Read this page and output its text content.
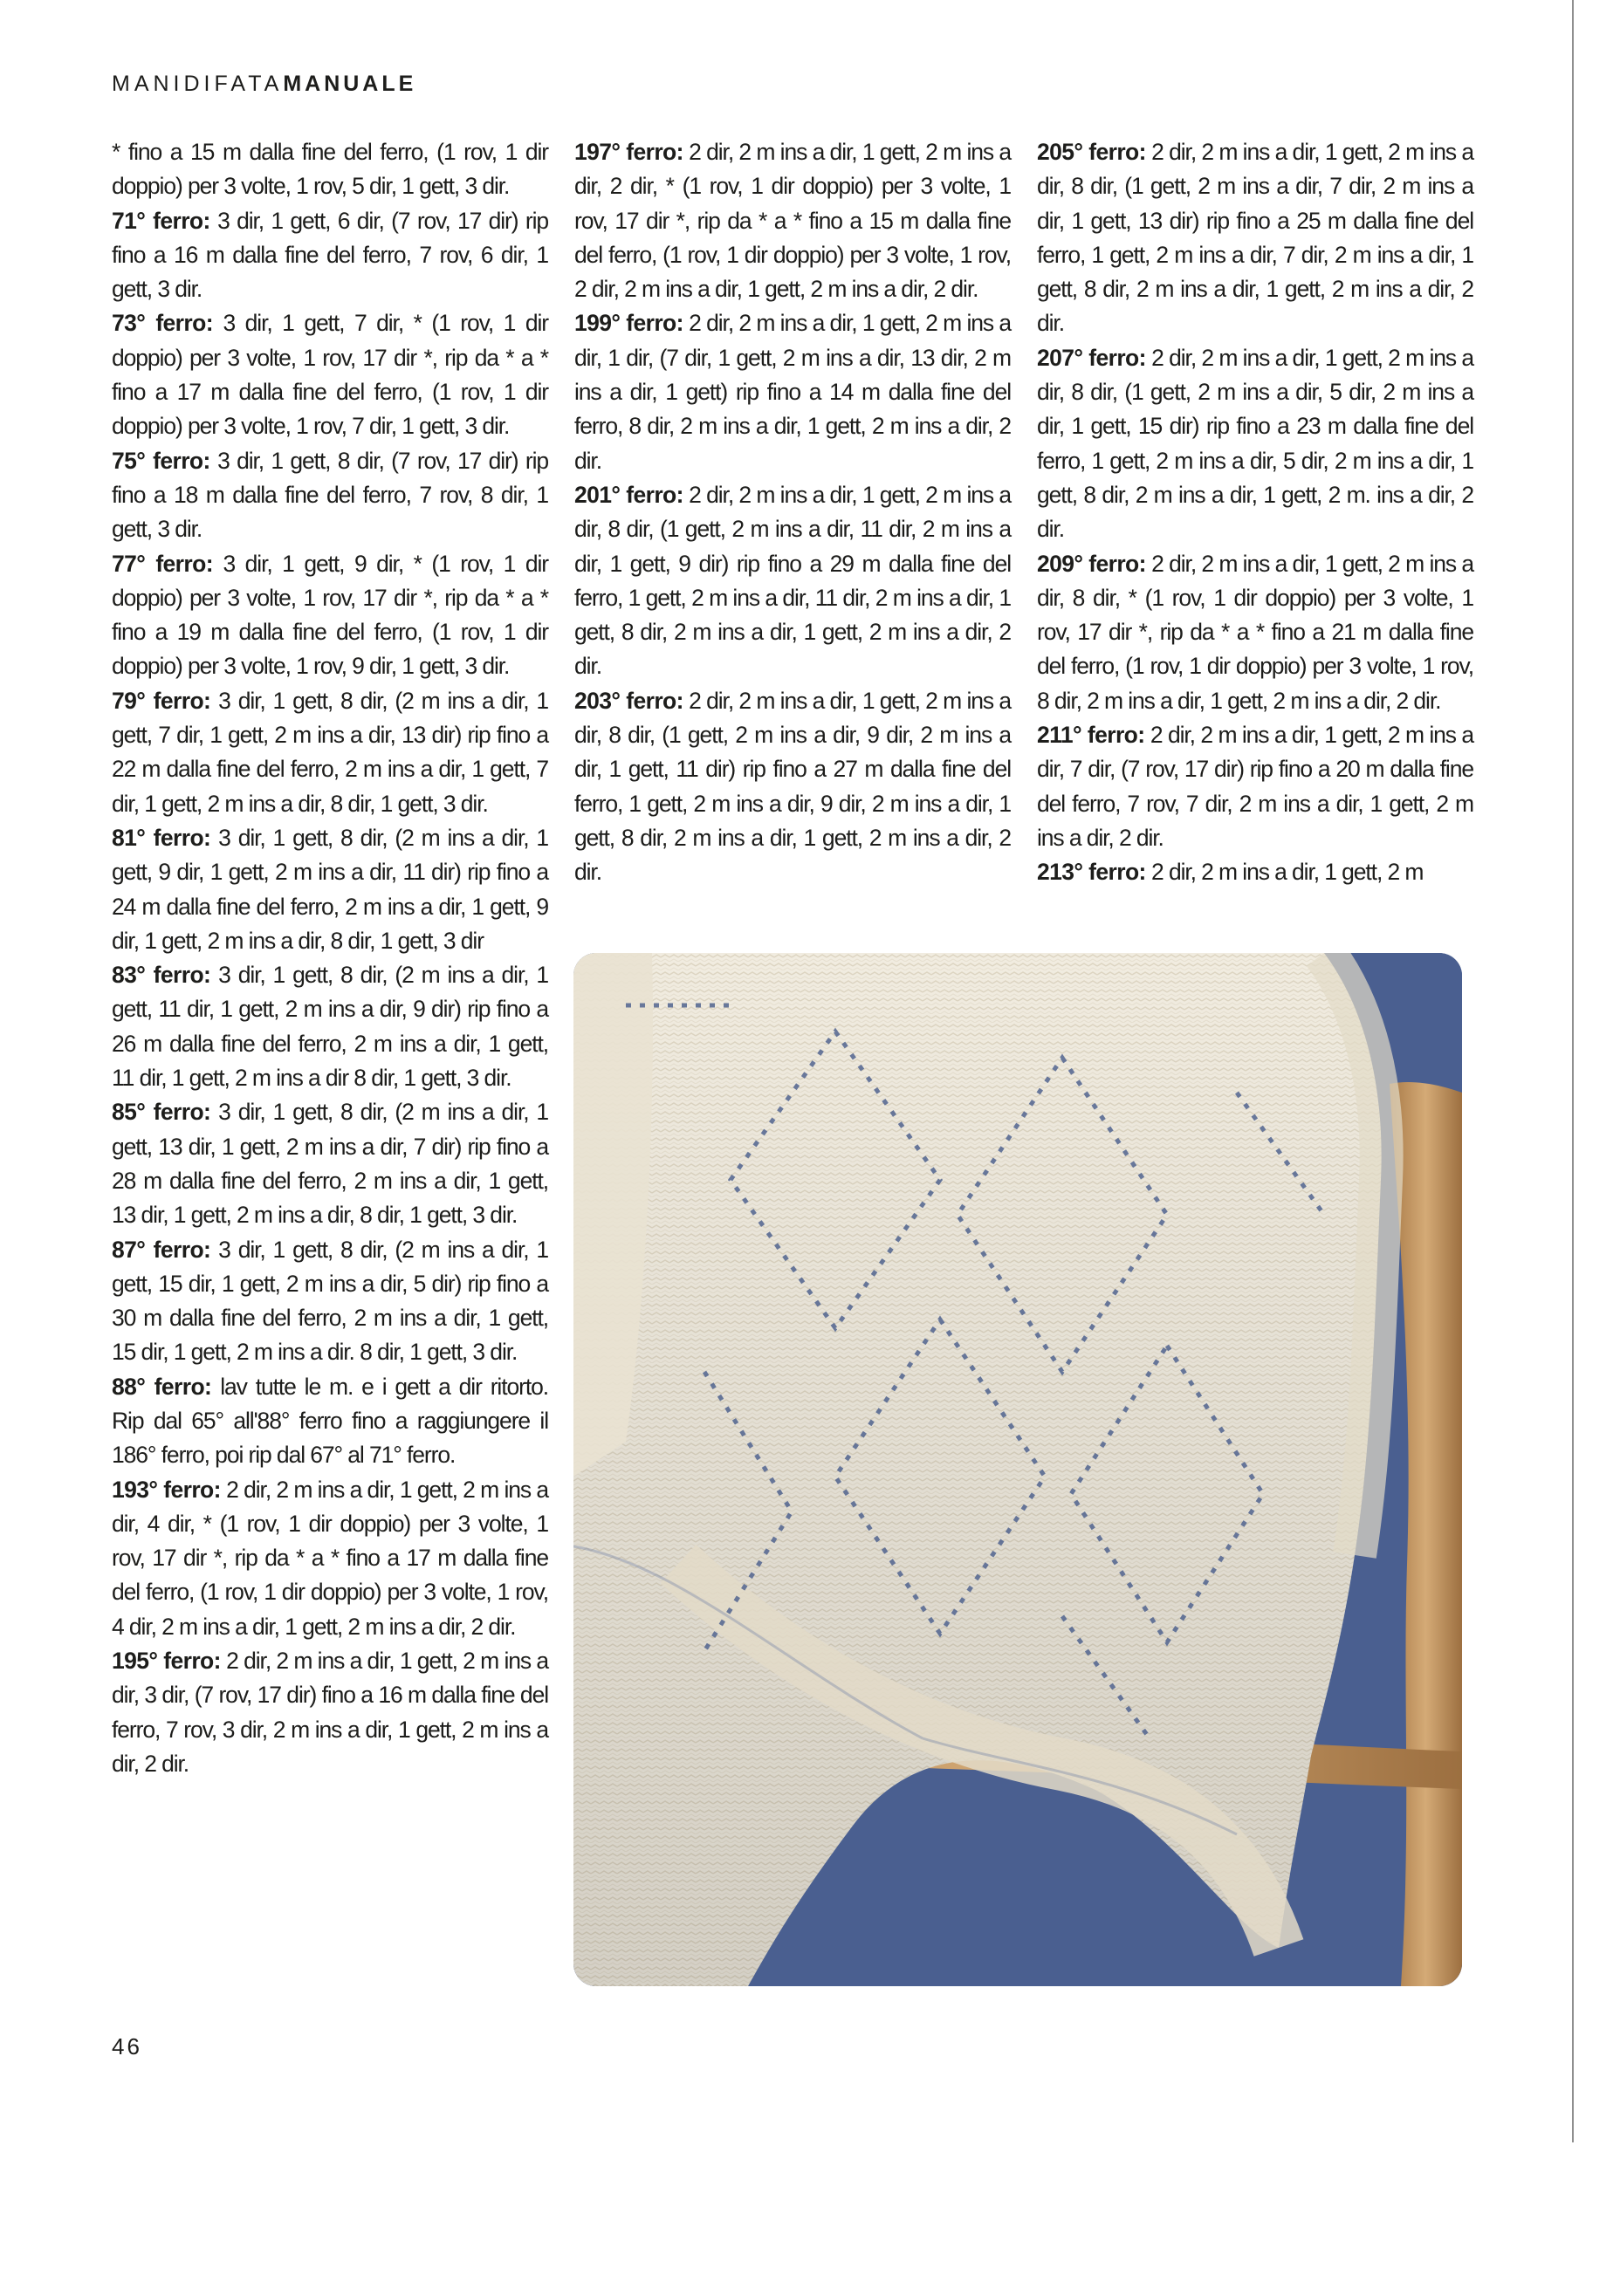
MANIDIFATAMANUALE

* fino a 15 m dalla fine del ferro, (1 rov, 1 dir doppio) per 3 volte, 1 rov, 5 dir, 1 gett, 3 dir.

71° ferro: 3 dir, 1 gett, 6 dir, (7 rov, 17 dir) rip fino a 16 m dalla fine del ferro, 7 rov, 6 dir, 1 gett, 3 dir.

73° ferro: 3 dir, 1 gett, 7 dir, * (1 rov, 1 dir doppio) per 3 volte, 1 rov, 17 dir *, rip da * a * fino a 17 m dalla fine del ferro, (1 rov, 1 dir doppio) per 3 volte, 1 rov, 7 dir, 1 gett, 3 dir.

75° ferro: 3 dir, 1 gett, 8 dir, (7 rov, 17 dir) rip fino a 18 m dalla fine del ferro, 7 rov, 8 dir, 1 gett, 3 dir.

77° ferro: 3 dir, 1 gett, 9 dir, * (1 rov, 1 dir doppio) per 3 volte, 1 rov, 17 dir *, rip da * a * fino a 19 m dalla fine del ferro, (1 rov, 1 dir doppio) per 3 volte, 1 rov, 9 dir, 1 gett, 3 dir.

79° ferro: 3 dir, 1 gett, 8 dir, (2 m ins a dir, 1 gett, 7 dir, 1 gett, 2 m ins a dir, 13 dir) rip fino a 22 m dalla fine del ferro, 2 m ins a dir, 1 gett, 7 dir, 1 gett, 2 m ins a dir, 8 dir, 1 gett, 3 dir.

81° ferro: 3 dir, 1 gett, 8 dir, (2 m ins a dir, 1 gett, 9 dir, 1 gett, 2 m ins a dir, 11 dir) rip fino a 24 m dalla fine del ferro, 2 m ins a dir, 1 gett, 9 dir, 1 gett, 2 m ins a dir, 8 dir, 1 gett, 3 dir

83° ferro: 3 dir, 1 gett, 8 dir, (2 m ins a dir, 1 gett, 11 dir, 1 gett, 2 m ins a dir, 9 dir) rip fino a 26 m dalla fine del ferro, 2 m ins a dir, 1 gett, 11 dir, 1 gett, 2 m ins a dir 8 dir, 1 gett, 3 dir.

85° ferro: 3 dir, 1 gett, 8 dir, (2 m ins a dir, 1 gett, 13 dir, 1 gett, 2 m ins a dir, 7 dir) rip fino a 28 m dalla fine del ferro, 2 m ins a dir, 1 gett, 13 dir, 1 gett, 2 m ins a dir, 8 dir, 1 gett, 3 dir.

87° ferro: 3 dir, 1 gett, 8 dir, (2 m ins a dir, 1 gett, 15 dir, 1 gett, 2 m ins a dir, 5 dir) rip fino a 30 m dalla fine del ferro, 2 m ins a dir, 1 gett, 15 dir, 1 gett, 2 m ins a dir. 8 dir, 1 gett, 3 dir.

88° ferro: lav tutte le m. e i gett a dir ritorto. Rip dal 65° all'88° ferro fino a raggiungere il 186° ferro, poi rip dal 67° al 71° ferro.

193° ferro: 2 dir, 2 m ins a dir, 1 gett, 2 m ins a dir, 4 dir, * (1 rov, 1 dir doppio) per 3 volte, 1 rov, 17 dir *, rip da * a * fino a 17 m dalla fine del ferro, (1 rov, 1 dir doppio) per 3 volte, 1 rov, 4 dir, 2 m ins a dir, 1 gett, 2 m ins a dir, 2 dir.

195° ferro: 2 dir, 2 m ins a dir, 1 gett, 2 m ins a dir, 3 dir, (7 rov, 17 dir) fino a 16 m dalla fine del ferro, 7 rov, 3 dir, 2 m ins a dir, 1 gett, 2 m ins a dir, 2 dir.

197° ferro: 2 dir, 2 m ins a dir, 1 gett, 2 m ins a dir, 2 dir, * (1 rov, 1 dir doppio) per 3 volte, 1 rov, 17 dir *, rip da * a * fino a 15 m dalla fine del ferro, (1 rov, 1 dir doppio) per 3 volte, 1 rov, 2 dir, 2 m ins a dir, 1 gett, 2 m ins a dir, 2 dir.

199° ferro: 2 dir, 2 m ins a dir, 1 gett, 2 m ins a dir, 1 dir, (7 dir, 1 gett, 2 m ins a dir, 13 dir, 2 m ins a dir, 1 gett) rip fino a 14 m dalla fine del ferro, 8 dir, 2 m ins a dir, 1 gett, 2 m ins a dir, 2 dir.

201° ferro: 2 dir, 2 m ins a dir, 1 gett, 2 m ins a dir, 8 dir, (1 gett, 2 m ins a dir, 11 dir, 2 m ins a dir, 1 gett, 9 dir) rip fino a 29 m dalla fine del ferro, 1 gett, 2 m ins a dir, 11 dir, 2 m ins a dir, 1 gett, 8 dir, 2 m ins a dir, 1 gett, 2 m ins a dir, 2 dir.

203° ferro: 2 dir, 2 m ins a dir, 1 gett, 2 m ins a dir, 8 dir, (1 gett, 2 m ins a dir, 9 dir, 2 m ins a dir, 1 gett, 11 dir) rip fino a 27 m dalla fine del ferro, 1 gett, 2 m ins a dir, 9 dir, 2 m ins a dir, 1 gett, 8 dir, 2 m ins a dir, 1 gett, 2 m ins a dir, 2 dir.

205° ferro: 2 dir, 2 m ins a dir, 1 gett, 2 m ins a dir, 8 dir, (1 gett, 2 m ins a dir, 7 dir, 2 m ins a dir, 1 gett, 13 dir) rip fino a 25 m dalla fine del ferro, 1 gett, 2 m ins a dir, 7 dir, 2 m ins a dir, 1 gett, 8 dir, 2 m ins a dir, 1 gett, 2 m ins a dir, 2 dir.

207° ferro: 2 dir, 2 m ins a dir, 1 gett, 2 m ins a dir, 8 dir, (1 gett, 2 m ins a dir, 5 dir, 2 m ins a dir, 1 gett, 15 dir) rip fino a 23 m dalla fine del ferro, 1 gett, 2 m ins a dir, 5 dir, 2 m ins a dir, 1 gett, 8 dir, 2 m ins a dir, 1 gett, 2 m. ins a dir, 2 dir.

209° ferro: 2 dir, 2 m ins a dir, 1 gett, 2 m ins a dir, 8 dir, * (1 rov, 1 dir doppio) per 3 volte, 1 rov, 17 dir *, rip da * a * fino a 21 m dalla fine del ferro, (1 rov, 1 dir doppio) per 3 volte, 1 rov, 8 dir, 2 m ins a dir, 1 gett, 2 m ins a dir, 2 dir.

211° ferro: 2 dir, 2 m ins a dir, 1 gett, 2 m ins a dir, 7 dir, (7 rov, 17 dir) rip fino a 20 m dalla fine del ferro, 7 rov, 7 dir, 2 m ins a dir, 1 gett, 2 m ins a dir, 2 dir.

213° ferro: 2 dir, 2 m ins a dir, 1 gett, 2 m

46
